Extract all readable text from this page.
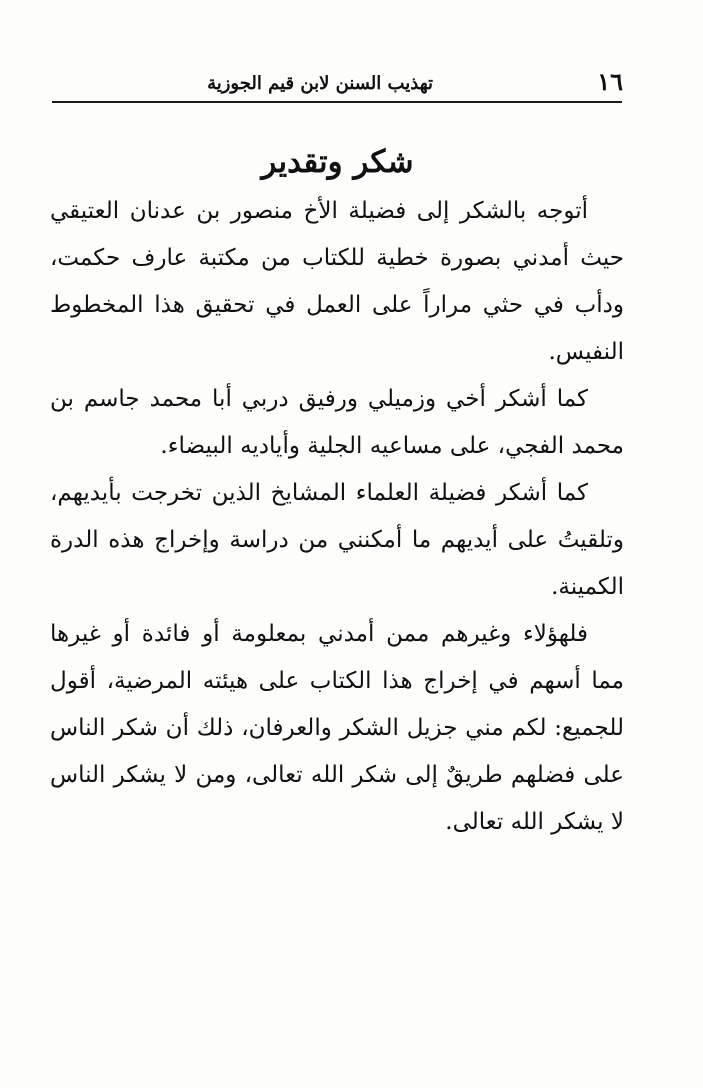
١٦
تهذيب السنن لابن قيم الجوزية
شكر وتقدير

أتوجه بالشكر إلى فضيلة الأخ منصور بن عدنان العتيقي حيث أمدني بصورة خطية للكتاب من مكتبة عارف حكمت، ودأب في حثي مراراً على العمل في تحقيق هذا المخطوط النفيس.

كما أشكر أخي وزميلي ورفيق دربي أبا محمد جاسم بن محمد الفجي، على مساعيه الجلية وأياديه البيضاء.

كما أشكر فضيلة العلماء المشايخ الذين تخرجت بأيديهم، وتلقيتُ على أيديهم ما أمكنني من دراسة وإخراج هذه الدرة الكمينة.

فلهؤلاء وغيرهم ممن أمدني بمعلومة أو فائدة أو غيرها مما أسهم في إخراج هذا الكتاب على هيئته المرضية، أقول للجميع: لكم مني جزيل الشكر والعرفان، ذلك أن شكر الناس على فضلهم طريقٌ إلى شكر الله تعالى، ومن لا يشكر الناس لا يشكر الله تعالى.
